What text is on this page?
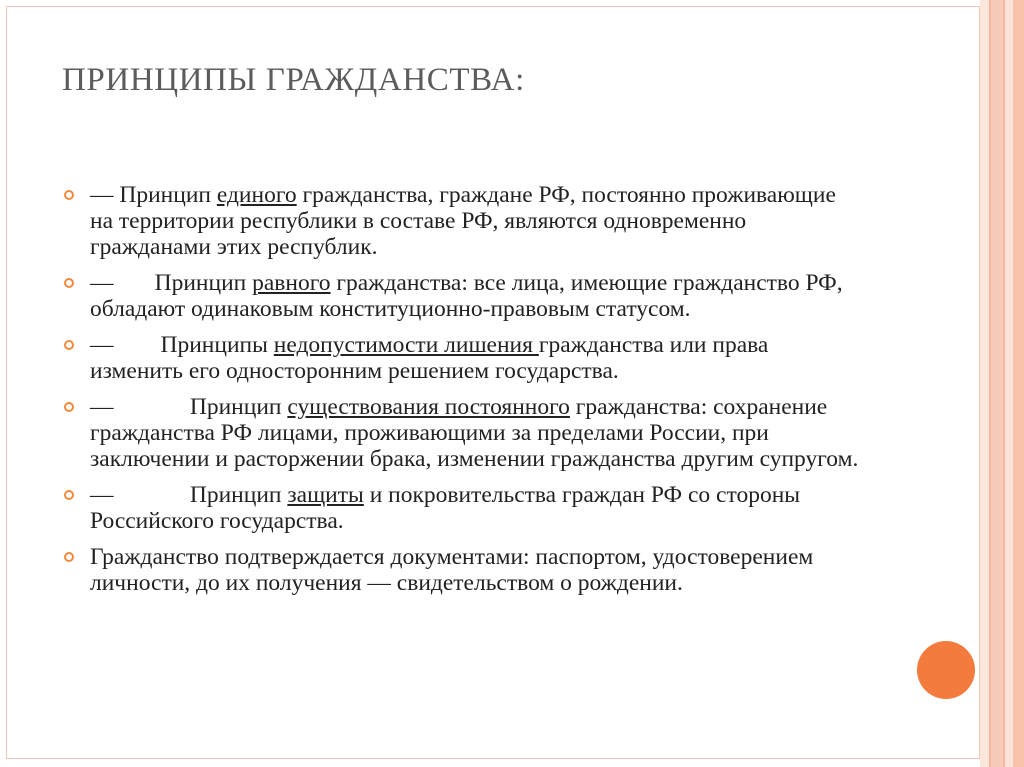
ПРИНЦИПЫ ГРАЖДАНСТВА:
— Принцип единого гражданства, граждане РФ, постоянно проживающие на территории республики в составе РФ, являются одновременно гражданами этих республик.
—       Принцип равного гражданства: все лица, имеющие гражданство РФ, обладают одинаковым конституционно-правовым статусом.
—        Принципы недопустимости лишения гражданства или права изменить его односторонним решением государства.
—             Принцип существования постоянного гражданства: сохранение гражданства РФ лицами, проживающими за пределами России, при заключении и расторжении брака, изменении гражданства другим супругом.
—             Принцип защиты и покровительства граждан РФ со стороны Российского государства.
Гражданство подтверждается документами: паспортом, удостоверением личности, до их получения — свидетельством о рождении.
